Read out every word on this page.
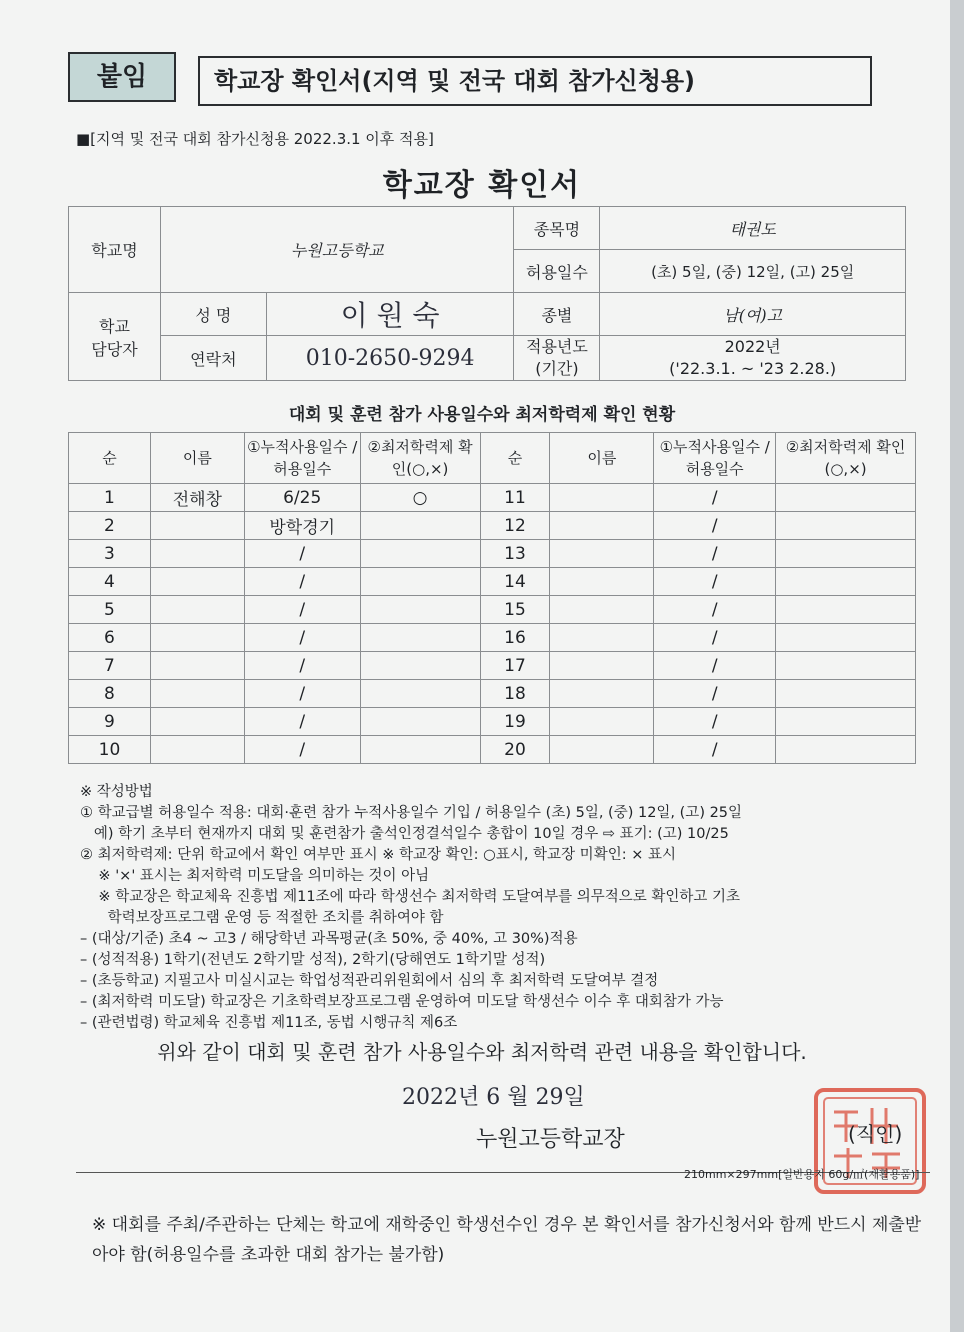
붙임	학교장 확인서(지역 및 전국 대회 참가신청용)
■[지역 및 전국 대회 참가신청용 2022.3.1 이후 적용]
학교장 확인서
학교명	누원고등학교		종목명	태권도
			허용일수	(초) 5일, (중) 12일, (고) 25일
학교 담당자	성 명	이 원 숙	종별	남(여)고
	연락처	010-2650-9294	적용년도 (기간)	2022년
('22.3.1. ~ '23 2.28.)
대회 및 훈련 참가 사용일수와 최저학력제 확인 현황
순	이름	①누적사용일수 /허용일수	②최저학력제 확인(○,×)	순	이름	①누적사용일수 /허용일수	②최저학력제 확인(○,×)
1	전해창	6/25	○	11		/	
2		방학경기		12		/	
3		/		13		/	
4		/		14		/	
5		/		15		/	
6		/		16		/	
7		/		17		/	
8		/		18		/	
9		/		19		/	
10		/		20		/	
※ 작성방법
① 학교급별 허용일수 적용: 대회·훈련 참가 누적사용일수 기입 / 허용일수 (초) 5일, (중) 12일, (고) 25일
예) 학기 초부터 현재까지 대회 및 훈련참가 출석인정결석일수 총합이 10일 경우 ⇨ 표기: (고) 10/25
② 최저학력제: 단위 학교에서 확인 여부만 표시 ※ 학교장 확인: ○표시, 학교장 미확인: × 표시
※ '×' 표시는 최저학력 미도달을 의미하는 것이 아님
※ 학교장은 학교체육 진흥법 제11조에 따라 학생선수 최저학력 도달여부를 의무적으로 확인하고 기초
학력보장프로그램 운영 등 적절한 조치를 취하여야 함
– (대상/기준) 초4 ~ 고3 / 해당학년 과목평균(초 50%, 중 40%, 고 30%)적용
– (성적적용) 1학기(전년도 2학기말 성적), 2학기(당해연도 1학기말 성적)
– (초등학교) 지필고사 미실시교는 학업성적관리위원회에서 심의 후 최저학력 도달여부 결정
– (최저학력 미도달) 학교장은 기초학력보장프로그램 운영하여 미도달 학생선수 이수 후 대회참가 가능
– (관련법령) 학교체육 진흥법 제11조, 동법 시행규칙 제6조
위와 같이 대회 및 훈련 참가 사용일수와 최저학력 관련 내용을 확인합니다.
2022년 6 월 29일
누원고등학교장	(직인)
210mm×297mm[일반용지 60g/㎡(재활용품)]
※ 대회를 주최/주관하는 단체는 학교에 재학중인 학생선수인 경우 본 확인서를 참가신청서와 함께 반드시 제출받아야 함(허용일수를 초과한 대회 참가는 불가함)
